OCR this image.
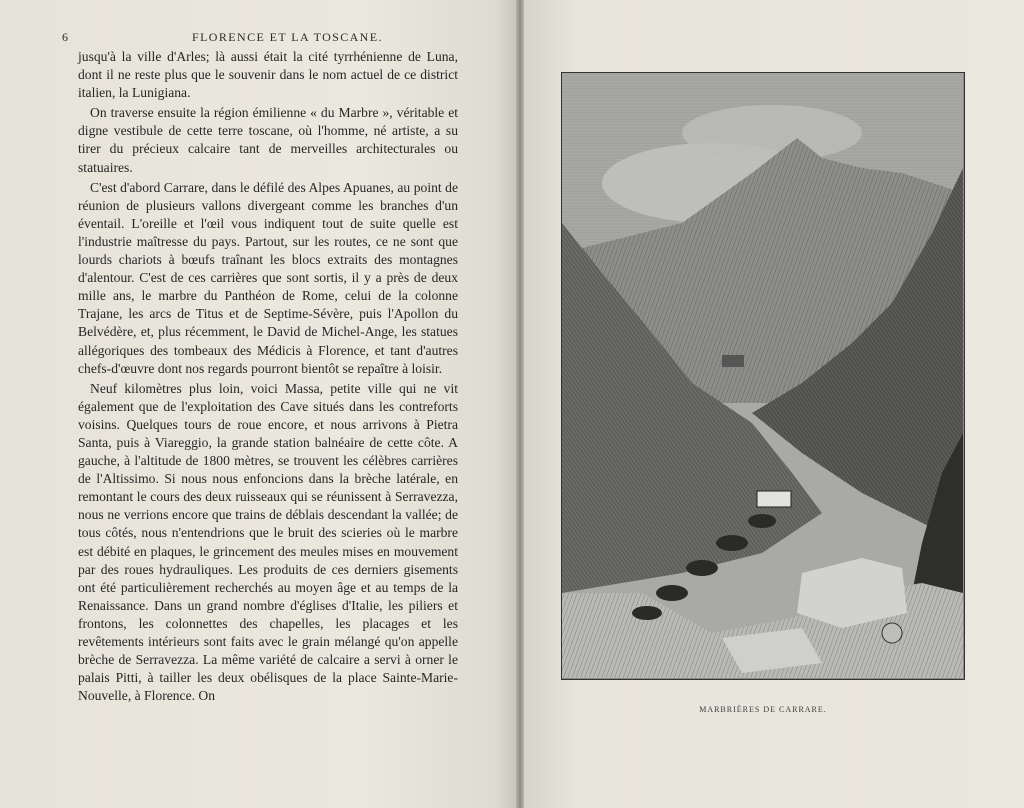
6	FLORENCE ET LA TOSCANE.

jusqu'à la ville d'Arles; là aussi était la cité tyrrhénienne de Luna, dont il ne reste plus que le souvenir dans le nom actuel de ce district italien, la Lunigiana.

On traverse ensuite la région émilienne « du Marbre », véritable et digne vestibule de cette terre toscane, où l'homme, né artiste, a su tirer du précieux calcaire tant de merveilles architecturales ou statuaires.

C'est d'abord Carrare, dans le défilé des Alpes Apuanes, au point de réunion de plusieurs vallons divergeant comme les branches d'un éventail. L'oreille et l'œil vous indiquent tout de suite quelle est l'industrie maîtresse du pays. Partout, sur les routes, ce ne sont que lourds chariots à bœufs traînant les blocs extraits des montagnes d'alentour. C'est de ces carrières que sont sortis, il y a près de deux mille ans, le marbre du Panthéon de Rome, celui de la colonne Trajane, les arcs de Titus et de Septime-Sévère, puis l'Apollon du Belvédère, et, plus récemment, le David de Michel-Ange, les statues allégoriques des tombeaux des Médicis à Florence, et tant d'autres chefs-d'œuvre dont nos regards pourront bientôt se repaître à loisir.

Neuf kilomètres plus loin, voici Massa, petite ville qui ne vit également que de l'exploitation des Cave situés dans les contreforts voisins. Quelques tours de roue encore, et nous arrivons à Pietra Santa, puis à Viareggio, la grande station balnéaire de cette côte. A gauche, à l'altitude de 1800 mètres, se trouvent les célèbres carrières de l'Altissimo. Si nous nous enfoncions dans la brèche latérale, en remontant le cours des deux ruisseaux qui se réunissent à Serravezza, nous ne verrions encore que trains de déblais descendant la vallée; de tous côtés, nous n'entendrions que le bruit des scieries où le marbre est débité en plaques, le grincement des meules mises en mouvement par des roues hydrauliques. Les produits de ces derniers gisements ont été particulièrement recherchés au moyen âge et au temps de la Renaissance. Dans un grand nombre d'églises d'Italie, les piliers et frontons, les colonnettes des chapelles, les placages et les revêtements intérieurs sont faits avec le grain mélangé qu'on appelle brèche de Serravezza. La même variété de calcaire a servi à orner le palais Pitti, à tailler les deux obélisques de la place Sainte-Marie-Nouvelle, à Florence. On

MARBRIÈRES DE CARRARE.
